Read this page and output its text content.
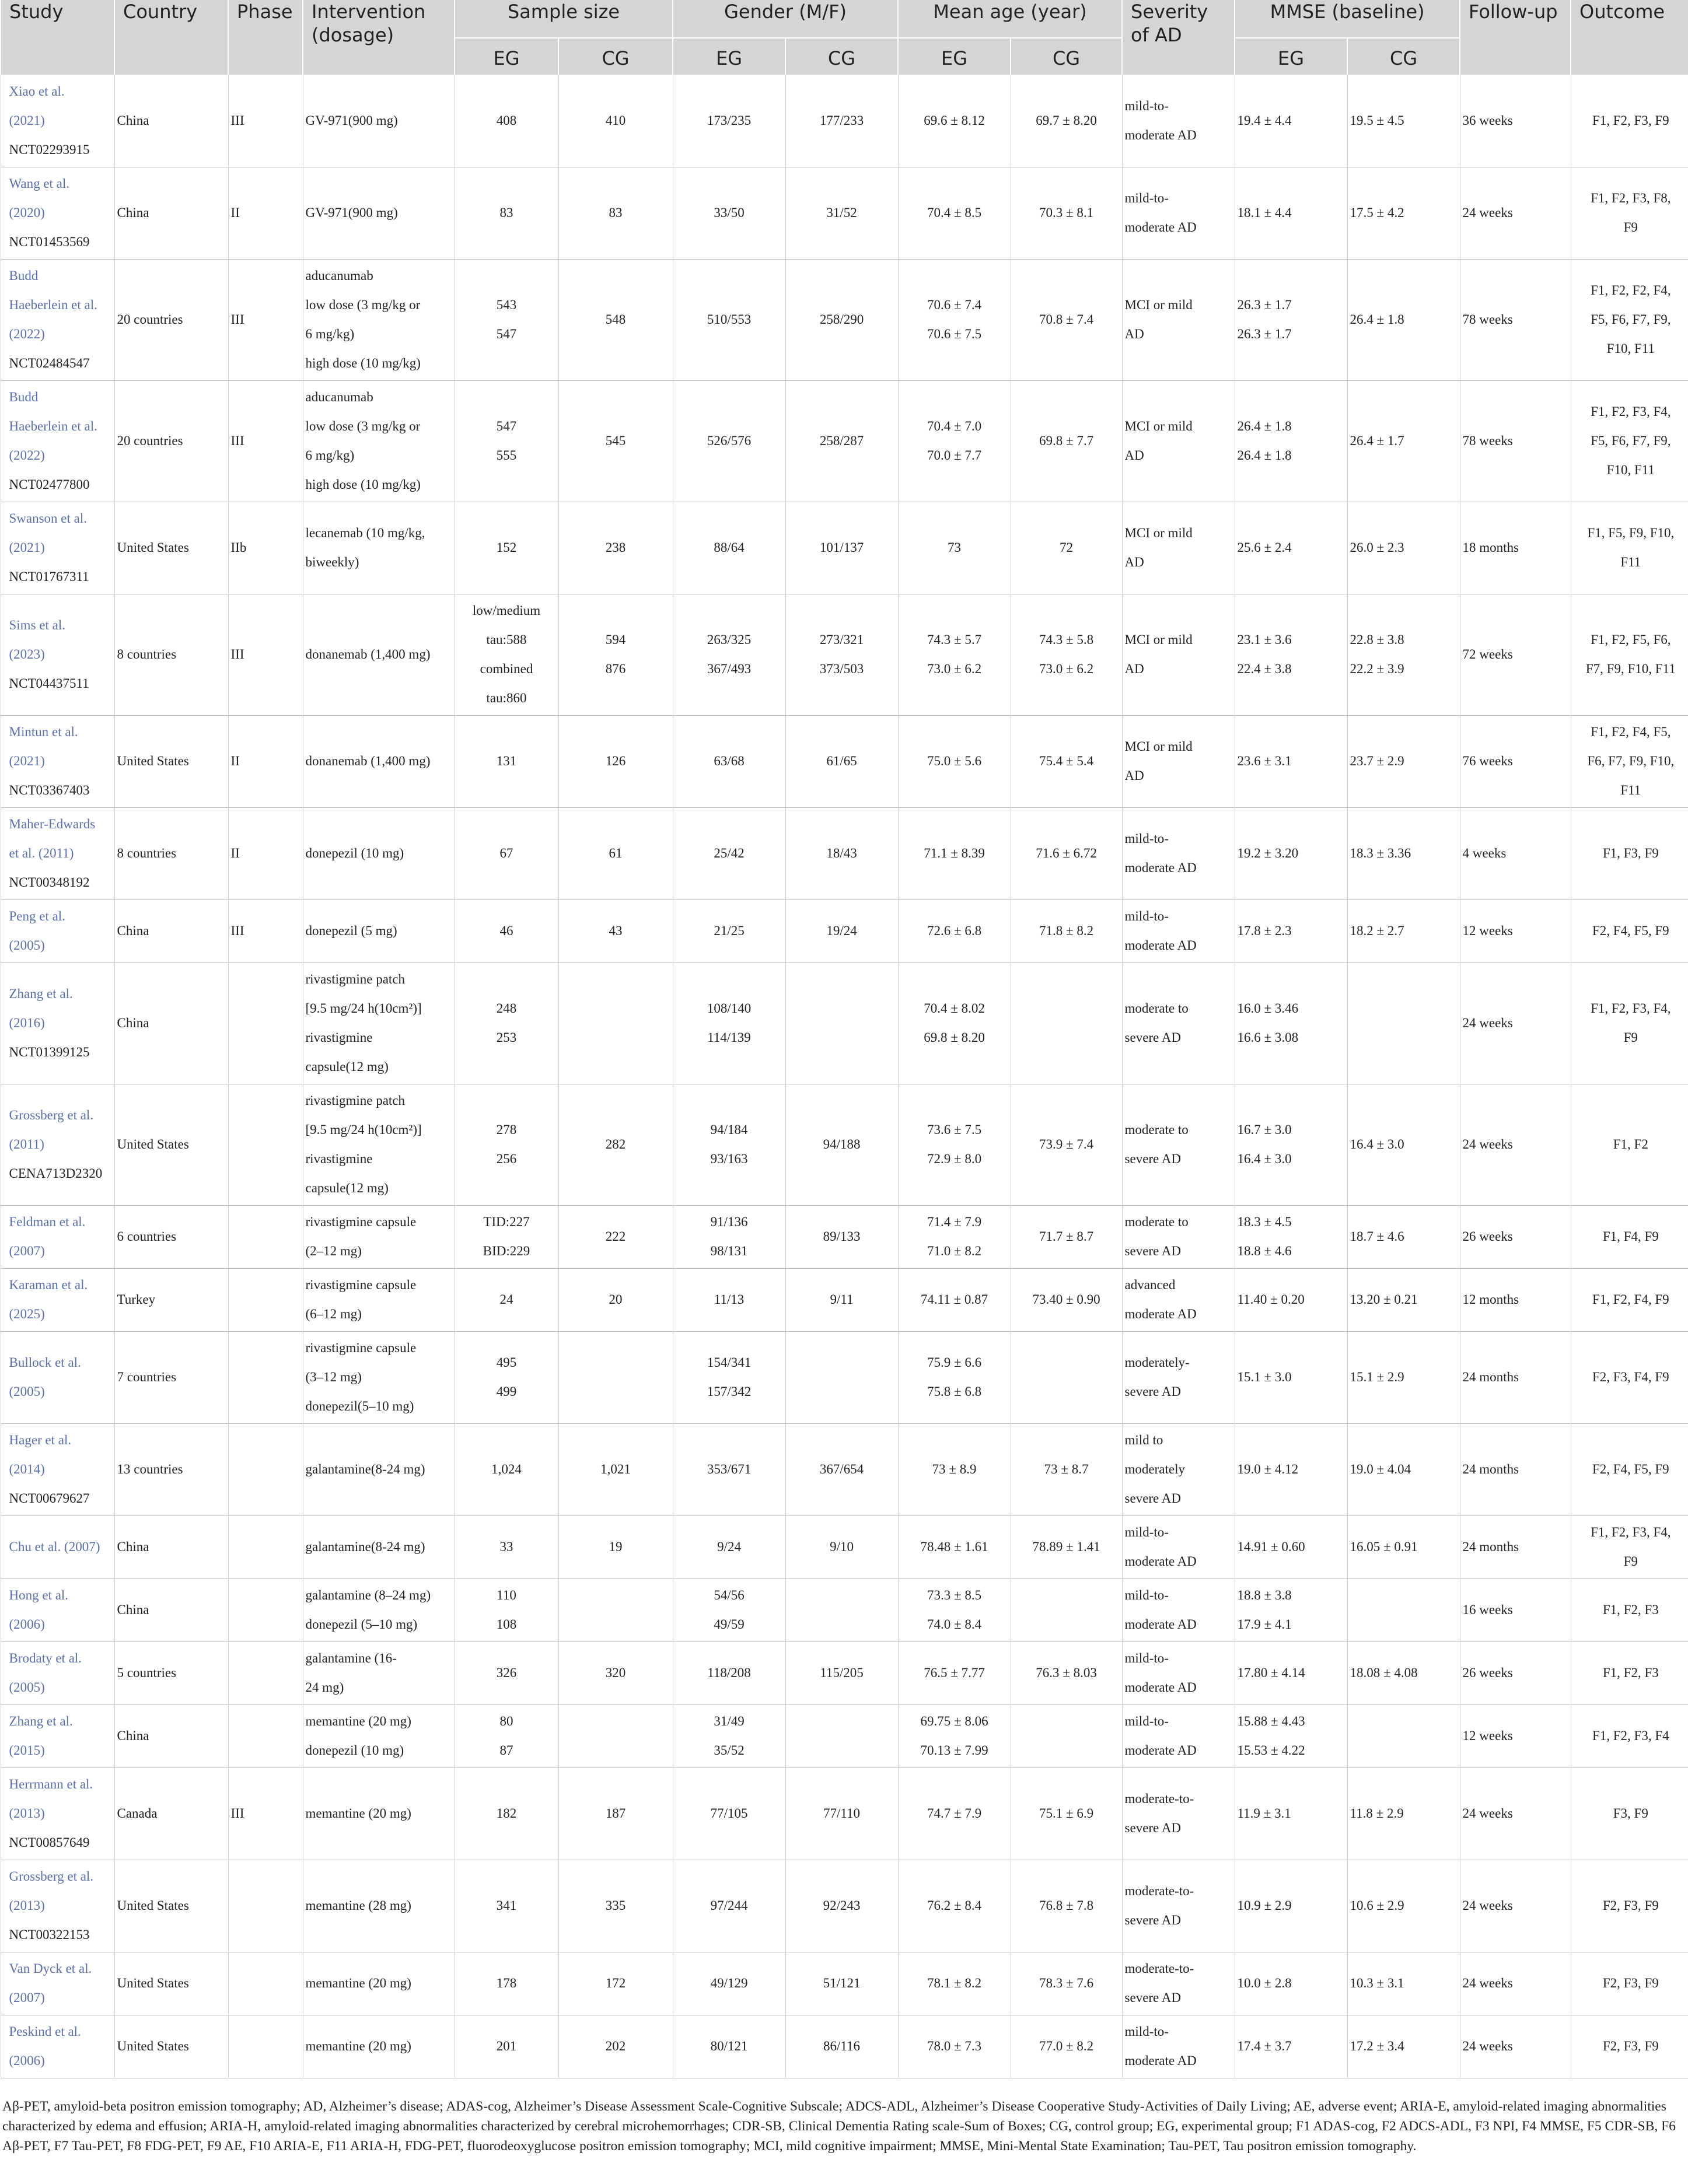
Study	Country	Phase	Intervention (dosage)	Sample size		Gender (M/F)		Mean age (year)		Severity of AD	MMSE (baseline)		Follow-up	Outcome
				EG	CG	EG	CG	EG	CG		EG	CG		

Xiao et al.
(2021)
NCT02293915	China	III	GV-971(900 mg)	408	410	173/235	177/233	69.6 ± 8.12	69.7 ± 8.20	mild-to-
moderate AD	19.4 ± 4.4	19.5 ± 4.5	36 weeks	F1, F2, F3, F9

Wang et al.
(2020)
NCT01453569	China	II	GV-971(900 mg)	83	83	33/50	31/52	70.4 ± 8.5	70.3 ± 8.1	mild-to-
moderate AD	18.1 ± 4.4	17.5 ± 4.2	24 weeks	F1, F2, F3, F8,
F9

Budd
Haeberlein et al.
(2022)
NCT02484547	20 countries	III	aducanumab
low dose (3 mg/kg or
6 mg/kg)
high dose (10 mg/kg)	543
547	548	510/553	258/290	70.6 ± 7.4
70.6 ± 7.5	70.8 ± 7.4	MCI or mild
AD	26.3 ± 1.7
26.3 ± 1.7	26.4 ± 1.8	78 weeks	F1, F2, F2, F4,
F5, F6, F7, F9,
F10, F11

Budd
Haeberlein et al.
(2022)
NCT02477800	20 countries	III	aducanumab
low dose (3 mg/kg or
6 mg/kg)
high dose (10 mg/kg)	547
555	545	526/576	258/287	70.4 ± 7.0
70.0 ± 7.7	69.8 ± 7.7	MCI or mild
AD	26.4 ± 1.8
26.4 ± 1.8	26.4 ± 1.7	78 weeks	F1, F2, F3, F4,
F5, F6, F7, F9,
F10, F11

Swanson et al.
(2021)
NCT01767311	United States	IIb	lecanemab (10 mg/kg,
biweekly)	152	238	88/64	101/137	73	72	MCI or mild
AD	25.6 ± 2.4	26.0 ± 2.3	18 months	F1, F5, F9, F10,
F11

Sims et al.
(2023)
NCT04437511	8 countries	III	donanemab (1,400 mg)	low/medium
tau:588
combined
tau:860	594
876	263/325
367/493	273/321
373/503	74.3 ± 5.7
73.0 ± 6.2	74.3 ± 5.8
73.0 ± 6.2	MCI or mild
AD	23.1 ± 3.6
22.4 ± 3.8	22.8 ± 3.8
22.2 ± 3.9	72 weeks	F1, F2, F5, F6,
F7, F9, F10, F11

Mintun et al.
(2021)
NCT03367403	United States	II	donanemab (1,400 mg)	131	126	63/68	61/65	75.0 ± 5.6	75.4 ± 5.4	MCI or mild
AD	23.6 ± 3.1	23.7 ± 2.9	76 weeks	F1, F2, F4, F5,
F6, F7, F9, F10,
F11

Maher-Edwards
et al. (2011)
NCT00348192	8 countries	II	donepezil (10 mg)	67	61	25/42	18/43	71.1 ± 8.39	71.6 ± 6.72	mild-to-
moderate AD	19.2 ± 3.20	18.3 ± 3.36	4 weeks	F1, F3, F9

Peng et al.
(2005)	China	III	donepezil (5 mg)	46	43	21/25	19/24	72.6 ± 6.8	71.8 ± 8.2	mild-to-
moderate AD	17.8 ± 2.3	18.2 ± 2.7	12 weeks	F2, F4, F5, F9

Zhang et al.
(2016)
NCT01399125	China		rivastigmine patch
[9.5 mg/24 h(10cm²)]
rivastigmine
capsule(12 mg)	248
253		108/140
114/139		70.4 ± 8.02
69.8 ± 8.20		moderate to
severe AD	16.0 ± 3.46
16.6 ± 3.08		24 weeks	F1, F2, F3, F4,
F9

Grossberg et al.
(2011)
CENA713D2320	United States		rivastigmine patch
[9.5 mg/24 h(10cm²)]
rivastigmine
capsule(12 mg)	278
256	282	94/184
93/163	94/188	73.6 ± 7.5
72.9 ± 8.0	73.9 ± 7.4	moderate to
severe AD	16.7 ± 3.0
16.4 ± 3.0	16.4 ± 3.0	24 weeks	F1, F2

Feldman et al.
(2007)	6 countries		rivastigmine capsule
(2–12 mg)	TID:227
BID:229	222	91/136
98/131	89/133	71.4 ± 7.9
71.0 ± 8.2	71.7 ± 8.7	moderate to
severe AD	18.3 ± 4.5
18.8 ± 4.6	18.7 ± 4.6	26 weeks	F1, F4, F9

Karaman et al.
(2025)	Turkey		rivastigmine capsule
(6–12 mg)	24	20	11/13	9/11	74.11 ± 0.87	73.40 ± 0.90	advanced
moderate AD	11.40 ± 0.20	13.20 ± 0.21	12 months	F1, F2, F4, F9

Bullock et al.
(2005)	7 countries		rivastigmine capsule
(3–12 mg)
donepezil(5–10 mg)	495
499		154/341
157/342		75.9 ± 6.6
75.8 ± 6.8		moderately-
severe AD	15.1 ± 3.0	15.1 ± 2.9	24 months	F2, F3, F4, F9

Hager et al.
(2014)
NCT00679627	13 countries		galantamine(8-24 mg)	1,024	1,021	353/671	367/654	73 ± 8.9	73 ± 8.7	mild to
moderately
severe AD	19.0 ± 4.12	19.0 ± 4.04	24 months	F2, F4, F5, F9

Chu et al. (2007)	China		galantamine(8-24 mg)	33	19	9/24	9/10	78.48 ± 1.61	78.89 ± 1.41	mild-to-
moderate AD	14.91 ± 0.60	16.05 ± 0.91	24 months	F1, F2, F3, F4,
F9

Hong et al.
(2006)	China		galantamine (8–24 mg)
donepezil (5–10 mg)	110
108		54/56
49/59		73.3 ± 8.5
74.0 ± 8.4		mild-to-
moderate AD	18.8 ± 3.8
17.9 ± 4.1		16 weeks	F1, F2, F3

Brodaty et al.
(2005)	5 countries		galantamine (16-
24 mg)	326	320	118/208	115/205	76.5 ± 7.77	76.3 ± 8.03	mild-to-
moderate AD	17.80 ± 4.14	18.08 ± 4.08	26 weeks	F1, F2, F3

Zhang et al.
(2015)	China		memantine (20 mg)
donepezil (10 mg)	80
87		31/49
35/52		69.75 ± 8.06
70.13 ± 7.99		mild-to-
moderate AD	15.88 ± 4.43
15.53 ± 4.22		12 weeks	F1, F2, F3, F4

Herrmann et al.
(2013)
NCT00857649	Canada	III	memantine (20 mg)	182	187	77/105	77/110	74.7 ± 7.9	75.1 ± 6.9	moderate-to-
severe AD	11.9 ± 3.1	11.8 ± 2.9	24 weeks	F3, F9

Grossberg et al.
(2013)
NCT00322153	United States		memantine (28 mg)	341	335	97/244	92/243	76.2 ± 8.4	76.8 ± 7.8	moderate-to-
severe AD	10.9 ± 2.9	10.6 ± 2.9	24 weeks	F2, F3, F9

Van Dyck et al.
(2007)	United States		memantine (20 mg)	178	172	49/129	51/121	78.1 ± 8.2	78.3 ± 7.6	moderate-to-
severe AD	10.0 ± 2.8	10.3 ± 3.1	24 weeks	F2, F3, F9

Peskind et al.
(2006)	United States		memantine (20 mg)	201	202	80/121	86/116	78.0 ± 7.3	77.0 ± 8.2	mild-to-
moderate AD	17.4 ± 3.7	17.2 ± 3.4	24 weeks	F2, F3, F9
Aβ-PET, amyloid-beta positron emission tomography; AD, Alzheimer’s disease; ADAS-cog, Alzheimer’s Disease Assessment Scale-Cognitive Subscale; ADCS-ADL, Alzheimer’s Disease Cooperative Study-Activities of Daily Living; AE, adverse event; ARIA-E, amyloid-related imaging abnormalities characterized by edema and effusion; ARIA-H, amyloid-related imaging abnormalities characterized by cerebral microhemorrhages; CDR-SB, Clinical Dementia Rating scale-Sum of Boxes; CG, control group; EG, experimental group; F1 ADAS-cog, F2 ADCS-ADL, F3 NPI, F4 MMSE, F5 CDR-SB, F6 Aβ-PET, F7 Tau-PET, F8 FDG-PET, F9 AE, F10 ARIA-E, F11 ARIA-H, FDG-PET, fluorodeoxyglucose positron emission tomography; MCI, mild cognitive impairment; MMSE, Mini-Mental State Examination; Tau-PET, Tau positron emission tomography.
